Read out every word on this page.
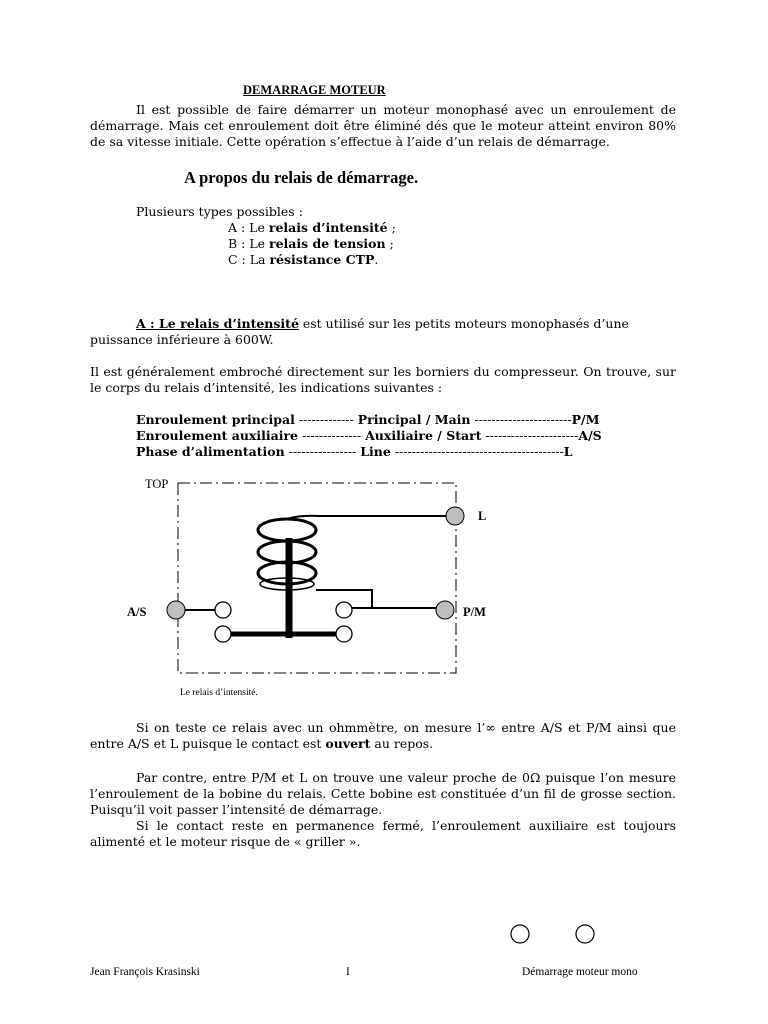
DEMARRAGE MOTEUR

Il est possible de faire démarrer un moteur monophasé avec un enroulement de démarrage. Mais cet enroulement doit être éliminé dés que le moteur atteint environ 80% de sa vitesse initiale. Cette opération s’effectue à l’aide d’un relais de démarrage.

A propos du relais de démarrage.
Plusieurs types possibles :
A : Le relais d’intensité ;
B : Le relais de tension ;
C : La résistance CTP.

A : Le relais d’intensité est utilisé sur les petits moteurs monophasés d’une puissance inférieure à 600W.

Il est généralement embroché directement sur les borniers du compresseur. On trouve, sur le corps du relais d’intensité, les indications suivantes :

Enroulement principal ------------- Principal / Main -----------------------P/M
Enroulement auxiliaire -------------- Auxiliaire / Start ----------------------A/S
Phase d’alimentation ---------------- Line ----------------------------------------L
TOP
L
A/S	P/M
Le relais d’intensité.

Si on teste ce relais avec un ohmmètre, on mesure l’∞ entre A/S et P/M ainsi que entre A/S et L puisque le contact est ouvert au repos.

Par contre, entre P/M et L on trouve une valeur proche de 0Ω puisque l’on mesure l’enroulement de la bobine du relais. Cette bobine est constituée d’un fil de grosse section. Puisqu’il voit passer l’intensité de démarrage.

Si le contact reste en permanence fermé, l’enroulement auxiliaire est toujours alimenté et le moteur risque de « griller ».

Jean François Krasinski	I	Démarrage moteur mono
